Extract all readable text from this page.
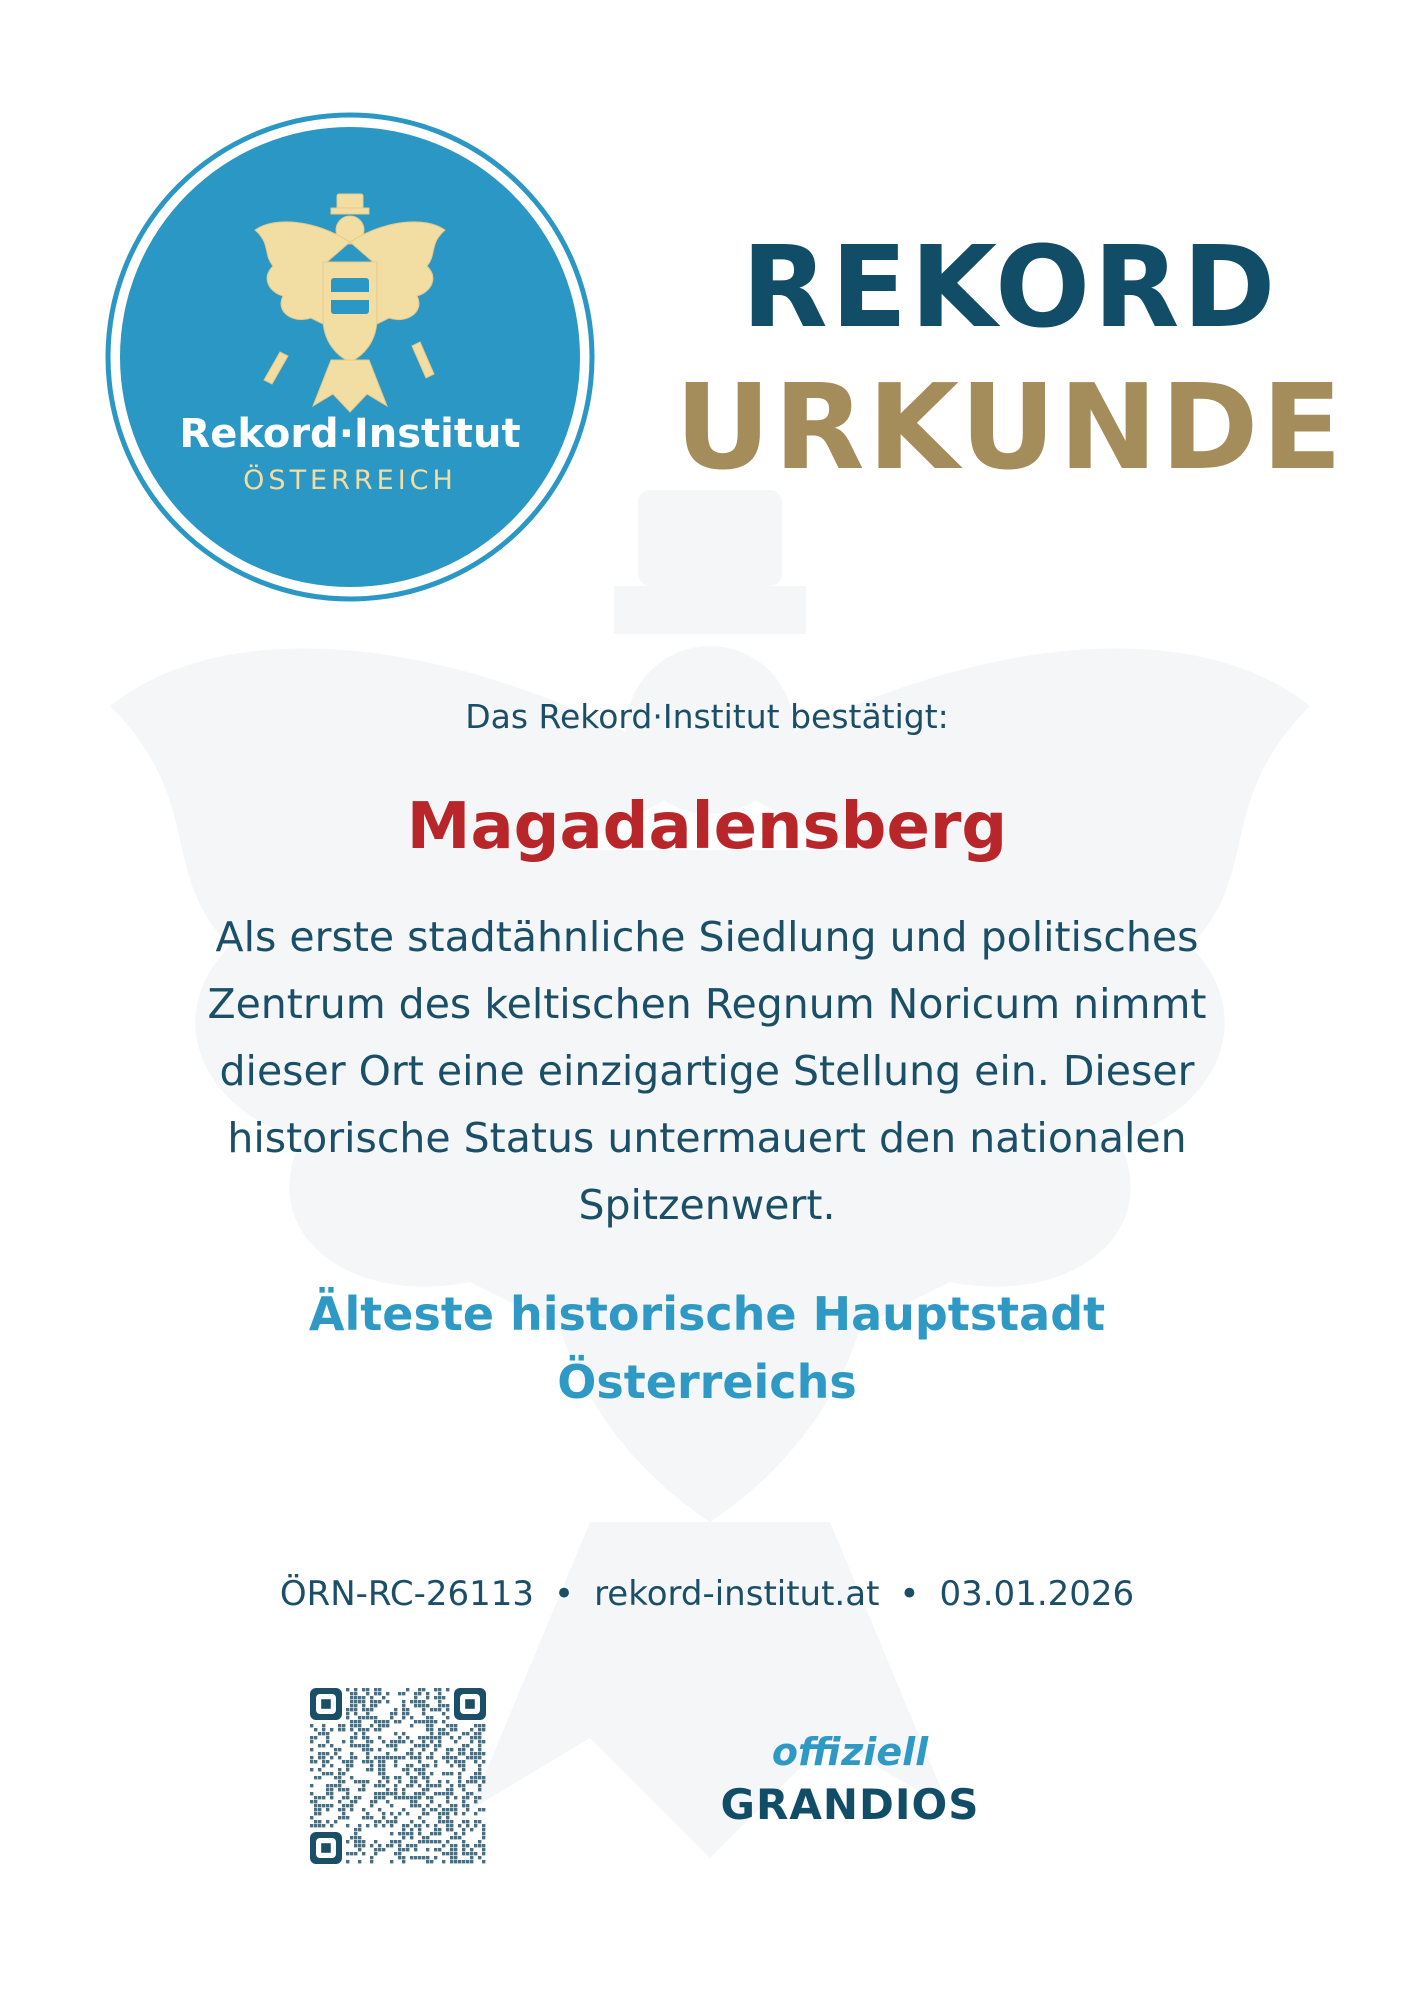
Rekord·Institut
ÖSTERREICH
REKORD
URKUNDE
Das Rekord·Institut bestätigt:
Magadalensberg
Als erste stadtähnliche Siedlung und politisches Zentrum des keltischen Regnum Noricum nimmt dieser Ort eine einzigartige Stellung ein. Dieser historische Status untermauert den nationalen Spitzenwert.
Älteste historische Hauptstadt
Österreichs
ÖRN-RC-26113 • rekord-institut.at • 03.01.2026
offiziell
GRANDIOS
